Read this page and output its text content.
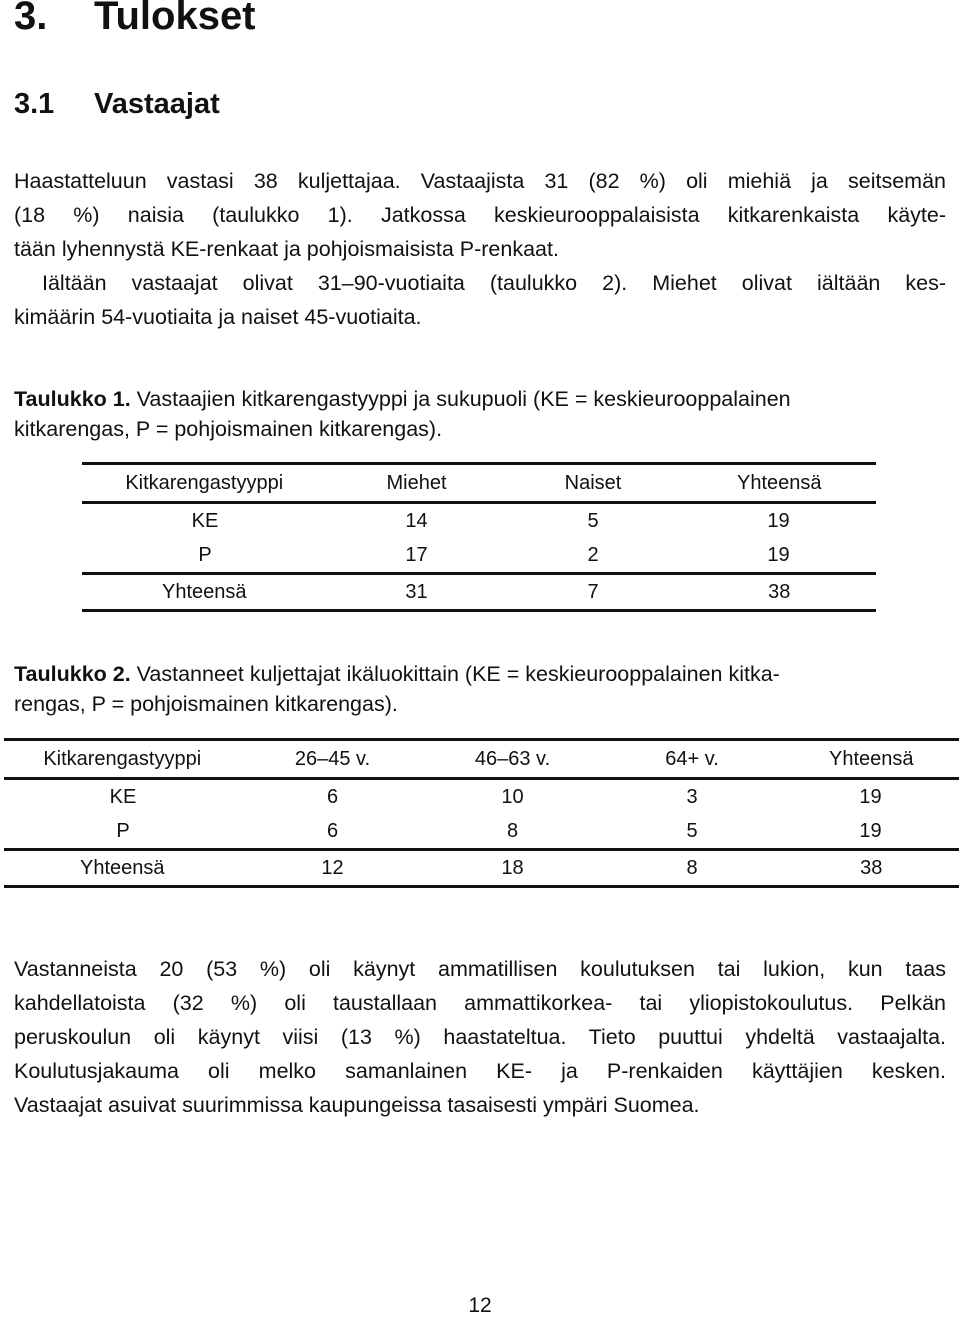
3. Tulokset
3.1 Vastaajat
Haastatteluun vastasi 38 kuljettajaa. Vastaajista 31 (82 %) oli miehiä ja seitsemän
(18 %) naisia (taulukko 1). Jatkossa keskieurooppalaisista kitkarenkaista käyte-
tään lyhennystä KE-renkaat ja pohjoismaisista P-renkaat.
Iältään vastaajat olivat 31–90-vuotiaita (taulukko 2). Miehet olivat iältään kes-
kimäärin 54-vuotiaita ja naiset 45-vuotiaita.
Taulukko 1. Vastaajien kitkarengastyyppi ja sukupuoli (KE = keskieurooppalainen
kitkarengas, P = pohjoismainen kitkarengas).
Kitkarengastyyppi	Miehet	Naiset	Yhteensä
KE	14	5	19
P	17	2	19
Yhteensä	31	7	38
Taulukko 2. Vastanneet kuljettajat ikäluokittain (KE = keskieurooppalainen kitka-
rengas, P = pohjoismainen kitkarengas).
Kitkarengastyyppi	26–45 v.	46–63 v.	64+ v.	Yhteensä
KE	6	10	3	19
P	6	8	5	19
Yhteensä	12	18	8	38
Vastanneista 20 (53 %) oli käynyt ammatillisen koulutuksen tai lukion, kun taas
kahdellatoista (32 %) oli taustallaan ammattikorkea- tai yliopistokoulutus. Pelkän
peruskoulun oli käynyt viisi (13 %) haastateltua. Tieto puuttui yhdeltä vastaajalta.
Koulutusjakauma oli melko samanlainen KE- ja P-renkaiden käyttäjien kesken.
Vastaajat asuivat suurimmissa kaupungeissa tasaisesti ympäri Suomea.
12
